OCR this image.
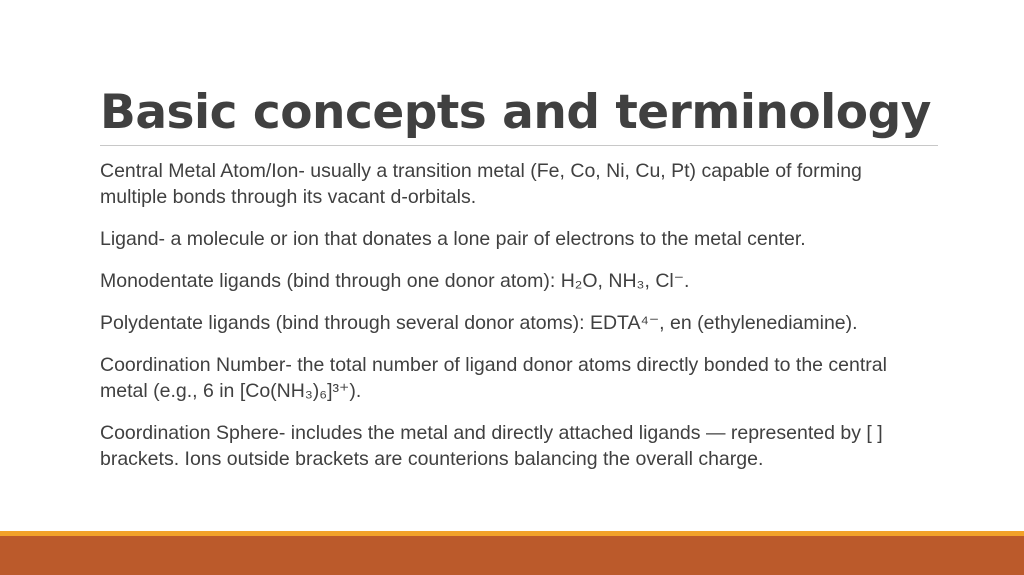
Basic concepts and terminology

Central Metal Atom/Ion- usually a transition metal (Fe, Co, Ni, Cu, Pt) capable of forming multiple bonds through its vacant d-orbitals.

Ligand- a molecule or ion that donates a lone pair of electrons to the metal center.

Monodentate ligands (bind through one donor atom): H₂O, NH₃, Cl⁻.

Polydentate ligands (bind through several donor atoms): EDTA⁴⁻, en (ethylenediamine).

Coordination Number- the total number of ligand donor atoms directly bonded to the central metal (e.g., 6 in [Co(NH₃)₆]³⁺).

Coordination Sphere- includes the metal and directly attached ligands — represented by [ ] brackets. Ions outside brackets are counterions balancing the overall charge.
